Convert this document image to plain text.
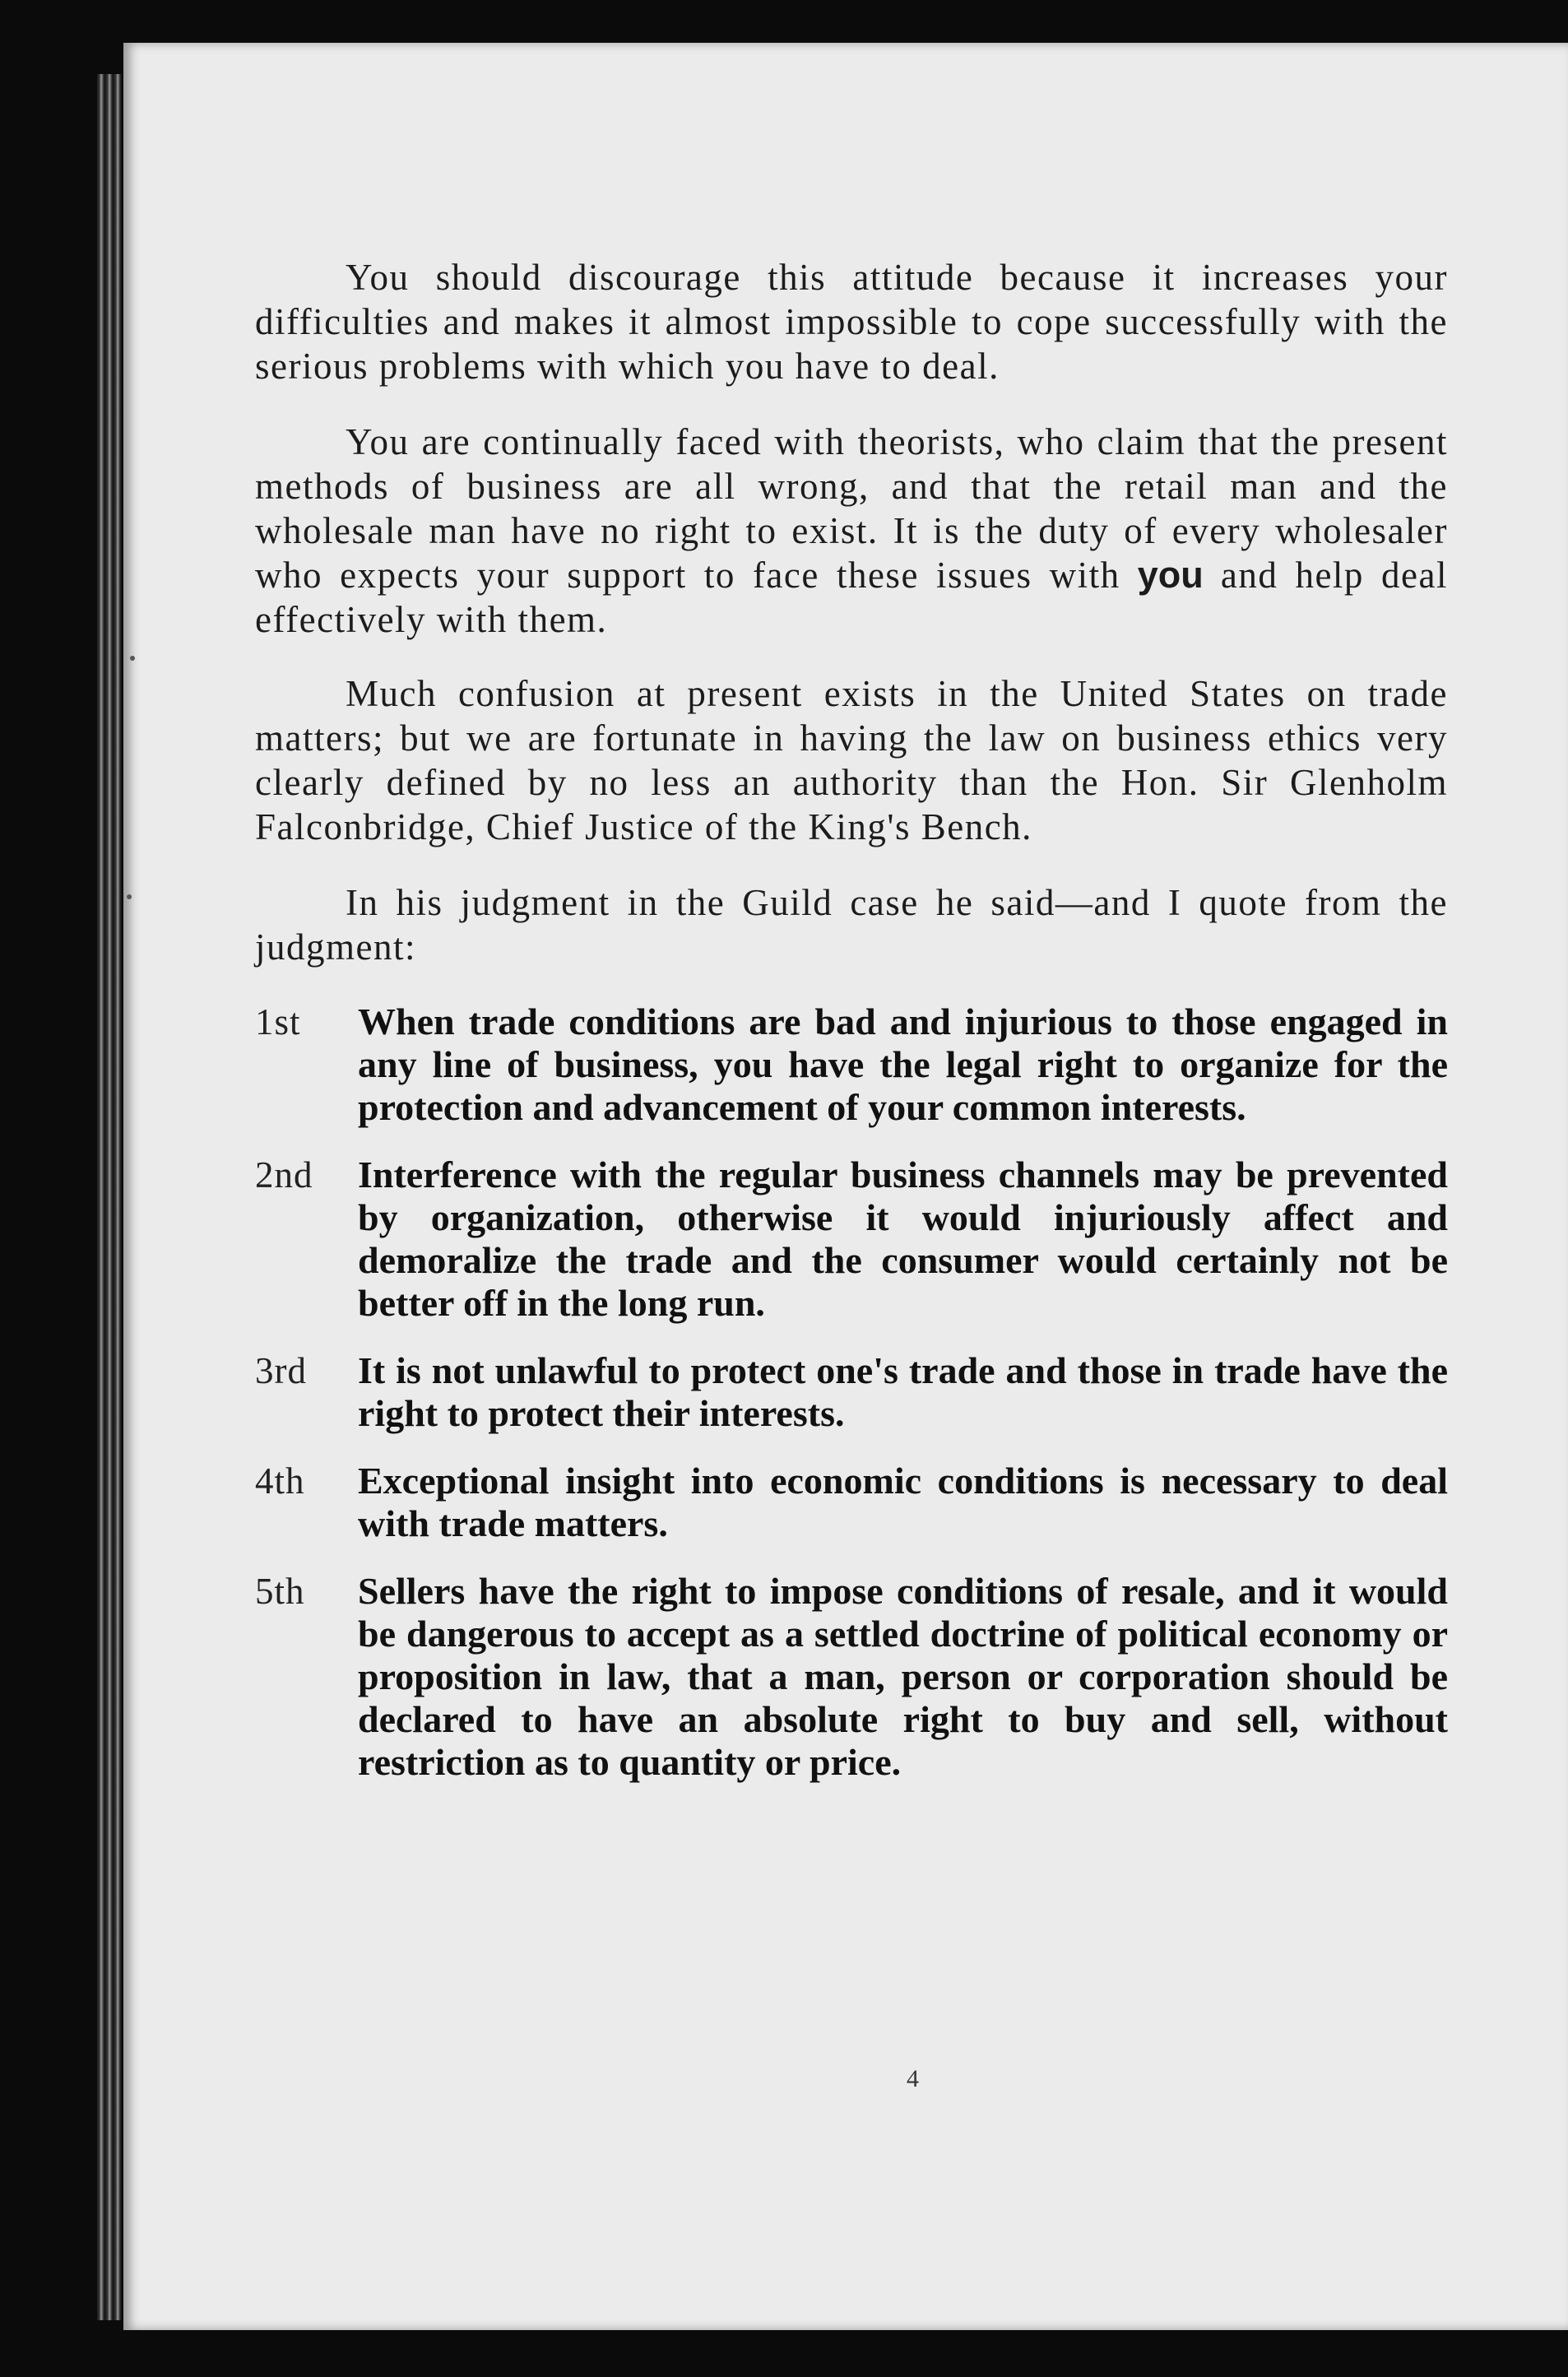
You should discourage this attitude because it increases your difficulties and makes it almost impossible to cope successfully with the serious problems with which you have to deal.

You are continually faced with theorists, who claim that the present methods of business are all wrong, and that the retail man and the wholesale man have no right to exist. It is the duty of every wholesaler who expects your support to face these issues with you and help deal effectively with them.

Much confusion at present exists in the United States on trade matters; but we are fortunate in having the law on business ethics very clearly defined by no less an authority than the Hon. Sir Glenholm Falconbridge, Chief Justice of the King's Bench.

In his judgment in the Guild case he said—and I quote from the judgment:

1st	When trade conditions are bad and injurious to those engaged in any line of business, you have the legal right to organize for the protection and advancement of your common interests.
2nd	Interference with the regular business channels may be prevented by organization, otherwise it would injuriously affect and demoralize the trade and the consumer would certainly not be better off in the long run.
3rd	It is not unlawful to protect one's trade and those in trade have the right to protect their interests.
4th	Exceptional insight into economic conditions is necessary to deal with trade matters.
5th	Sellers have the right to impose conditions of resale, and it would be dangerous to accept as a settled doctrine of political economy or proposition in law, that a man, person or corporation should be declared to have an absolute right to buy and sell, without restriction as to quantity or price.
4
